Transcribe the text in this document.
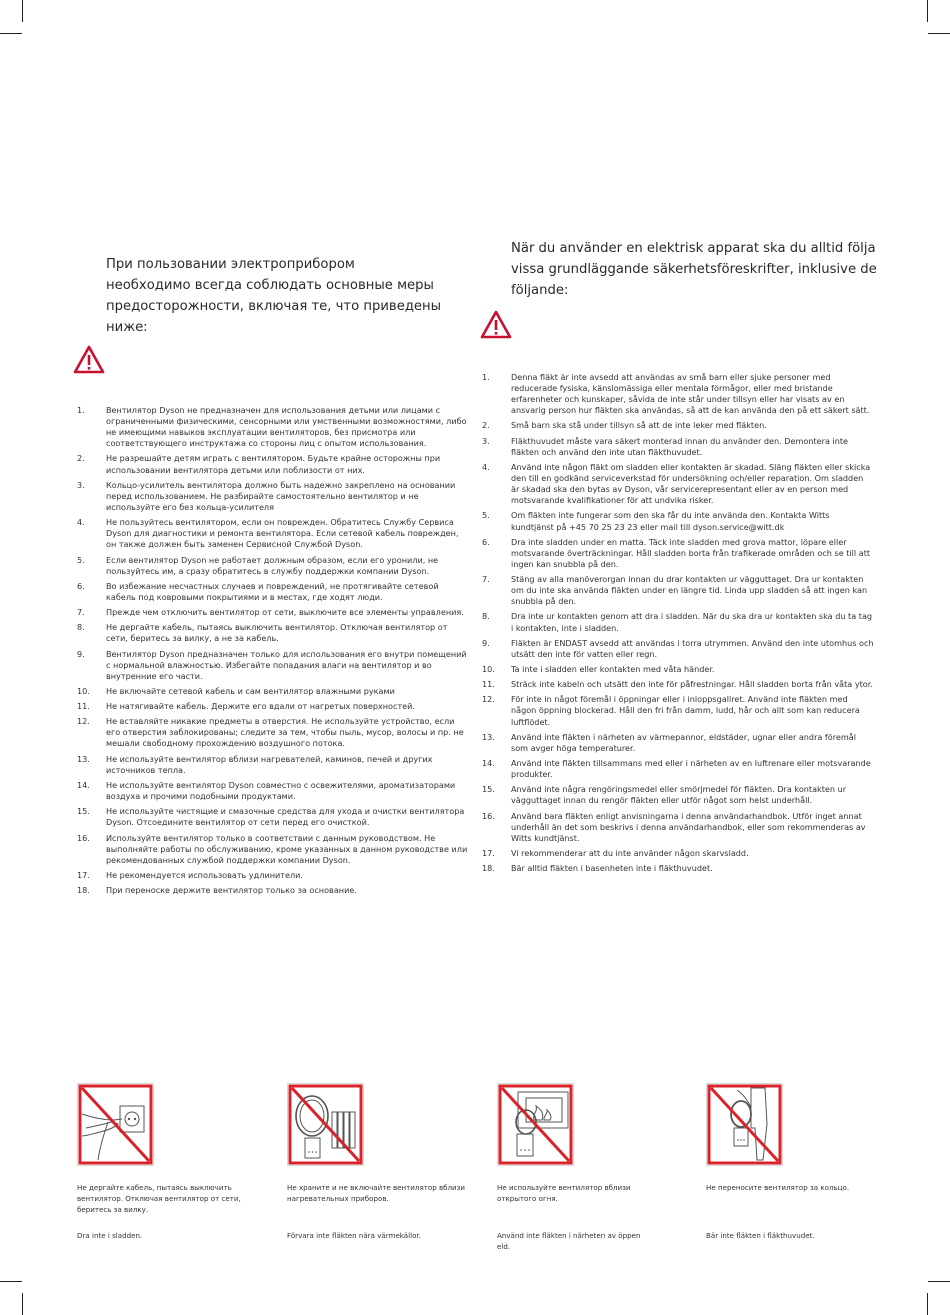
При пользовании электроприбором необходимо всегда соблюдать основные меры предосторожности, включая те, что приведены ниже:

1.	Вентилятор Dyson не предназначен для использования детьми или лицами с ограниченными физическими, сенсорными или умственными возможностями, либо не имеющими навыков эксплуатации вентиляторов, без присмотра или соответствующего инструктажа со стороны лиц с опытом использования.
2.	Не разрешайте детям играть с вентилятором. Будьте крайне осторожны при использовании вентилятора детьми или поблизости от них.
3.	Кольцо-усилитель вентилятора должно быть надежно закреплено на основании перед использованием. Не разбирайте самостоятельно вентилятор и не используйте его без кольца-усилителя
4.	Не пользуйтесь вентилятором, если он поврежден. Обратитесь Службу Сервиса Dyson для диагностики и ремонта вентилятора. Если сетевой кабель поврежден, он также должен быть заменен Сервисной Службой Dyson.
5.	Если вентилятор Dyson не работает должным образом, если его уронили, не пользуйтесь им, а сразу обратитесь в службу поддержки компании Dyson.
6.	Во избежание несчастных случаев и повреждений, не протягивайте сетевой кабель под ковровыми покрытиями и в местах, где ходят люди.
7.	Прежде чем отключить вентилятор от сети, выключите все элементы управления.
8.	Не дергайте кабель, пытаясь выключить вентилятор. Отключая вентилятор от сети, беритесь за вилку, а не за кабель.
9.	Вентилятор Dyson предназначен только для использования его внутри помещений с нормальной влажностью. Избегайте попадания влаги на вентилятор и во внутренние его части.
10. Не включайте сетевой кабель и сам вентилятор влажными руками
11. Не натягивайте кабель. Держите его вдали от нагретых поверхностей.
12. Не вставляйте никакие предметы в отверстия. Не используйте устройство, если его отверстия заблокированы; следите за тем, чтобы пыль, мусор, волосы и пр. не мешали свободному прохождению воздушного потока.
13. Не используйте вентилятор вблизи нагревателей, каминов, печей и других источников тепла.
14. Не используйте вентилятор Dyson совместно с освежителями, ароматизаторами воздуха и прочими подобными продуктами.
15. Не используйте чистящие и смазочные средства для ухода и очистки вентилятора Dyson. Отсоедините вентилятор от сети перед его очисткой.
16. Используйте вентилятор только в соответствии с данным руководством. Не выполняйте работы по обслуживанию, кроме указанных в данном руководстве или рекомендованных службой поддержки компании Dyson.
17. Не рекомендуется использовать удлинители.
18. При переноске держите вентилятор только за основание.

När du använder en elektrisk apparat ska du alltid följa vissa grundläggande säkerhetsföreskrifter, inklusive de följande:

1.	Denna fläkt är inte avsedd att användas av små barn eller sjuke personer med reducerade fysiska, känslomässiga eller mentala förmågor, eller med bristande erfarenheter och kunskaper, såvida de inte står under tillsyn eller har visats av en ansvarig person hur fläkten ska användas, så att de kan använda den på ett säkert sätt.
2.	Små barn ska stå under tillsyn så att de inte leker med fläkten.
3.	Fläkthuvudet måste vara säkert monterad innan du använder den. Demontera inte fläkten och använd den inte utan fläkthuvudet.
4.	Använd inte någon fläkt om sladden eller kontakten är skadad. Släng fläkten eller skicka den till en godkänd serviceverkstad för undersökning och/eller reparation. Om sladden är skadad ska den bytas av Dyson, vår servicerepresentant eller av en person med motsvarande kvalifikationer för att undvika risker.
5.	Om fläkten inte fungerar som den ska får du inte använda den. Kontakta Witts kundtjänst på +45 70 25 23 23 eller mail till dyson.service@witt.dk
6.	Dra inte sladden under en matta. Täck inte sladden med grova mattor, löpare eller motsvarande överträckningar. Håll sladden borta från trafikerade områden och se till att ingen kan snubbla på den.
7.	Stäng av alla manöverorgan innan du drar kontakten ur vägguttaget. Dra ur kontakten om du inte ska använda fläkten under en längre tid. Linda upp sladden så att ingen kan snubbla på den.
8.	Dra inte ur kontakten genom att dra i sladden. När du ska dra ur kontakten ska du ta tag i kontakten, inte i sladden.
9.	Fläkten är ENDAST avsedd att användas i torra utrymmen. Använd den inte utomhus och utsätt den inte för vatten eller regn.
10. Ta inte i sladden eller kontakten med våta händer.
11. Sträck inte kabeln och utsätt den inte för påfrestningar. Håll sladden borta från våta ytor.
12. För inte in något föremål i öppningar eller i inloppsgallret. Använd inte fläkten med någon öppning blockerad. Håll den fri från damm, ludd, hår och allt som kan reducera luftflödet.
13. Använd inte fläkten i närheten av värmepannor, eldstäder, ugnar eller andra föremål som avger höga temperaturer.
14. Använd inte fläkten tillsammans med eller i närheten av en luftrenare eller motsvarande produkter.
15. Använd inte några rengöringsmedel eller smörjmedel för fläkten. Dra kontakten ur vägguttaget innan du rengör fläkten eller utför något som helst underhåll.
16. Använd bara fläkten enligt anvisningarna i denna användarhandbok. Utför inget annat underhåll än det som beskrivs i denna användarhandbok, eller som rekommenderas av Witts kundtjänst.
17. Vi rekommenderar att du inte använder någon skarvsladd.
18. Bär alltid fläkten i basenheten inte i fläkthuvudet.

Не дергайте кабель, пытаясь выключить вентилятор. Отключая вентилятор от сети, беритесь за вилку.

Dra inte i sladden.

Не храните и не включайте вентилятор вблизи нагревательных приборов.

Förvara inte fläkten nära värmekällor.

Не используйте вентилятор вблизи открытого огня.

Använd inte fläkten i närheten av öppen eld.

Не переносите вентилятор за кольцо.

Bär inte fläkten i fläkthuvudet.
